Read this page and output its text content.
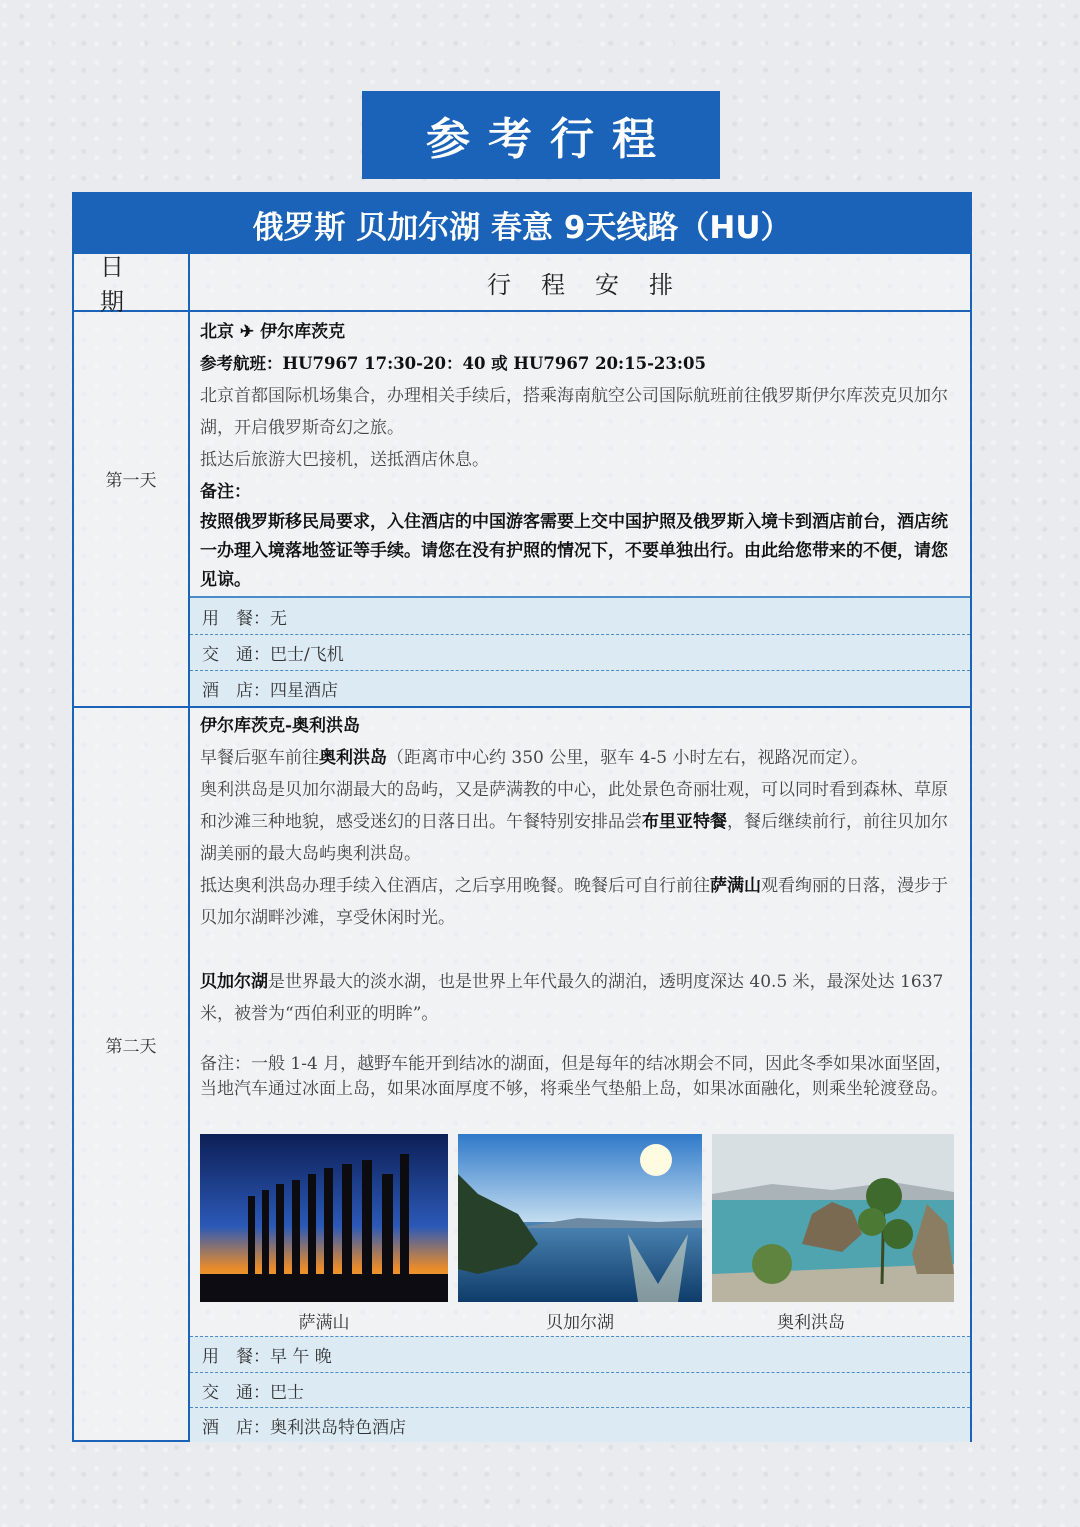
参考行程
俄罗斯 贝加尔湖 春意 9天线路（HU）
日期
行程安排
第一天

北京 ✈ 伊尔库茨克

参考航班：HU7967 17:30-20：40 或 HU7967 20:15-23:05

北京首都国际机场集合，办理相关手续后，搭乘海南航空公司国际航班前往俄罗斯伊尔库茨克贝加尔湖，开启俄罗斯奇幻之旅。

抵达后旅游大巴接机，送抵酒店休息。

备注：

按照俄罗斯移民局要求，入住酒店的中国游客需要上交中国护照及俄罗斯入境卡到酒店前台，酒店统一办理入境落地签证等手续。请您在没有护照的情况下，不要单独出行。由此给您带来的不便，请您见谅。

用　餐：无
交　通：巴士/飞机
酒　店：四星酒店
第二天

伊尔库茨克-奥利洪岛

早餐后驱车前往奥利洪岛（距离市中心约 350 公里，驱车 4-5 小时左右，视路况而定）。

奥利洪岛是贝加尔湖最大的岛屿，又是萨满教的中心，此处景色奇丽壮观，可以同时看到森林、草原和沙滩三种地貌，感受迷幻的日落日出。午餐特别安排品尝布里亚特餐，餐后继续前行，前往贝加尔湖美丽的最大岛屿奥利洪岛。

抵达奥利洪岛办理手续入住酒店，之后享用晚餐。晚餐后可自行前往萨满山观看绚丽的日落，漫步于贝加尔湖畔沙滩，享受休闲时光。

贝加尔湖是世界最大的淡水湖，也是世界上年代最久的湖泊，透明度深达 40.5 米，最深处达 1637 米，被誉为“西伯利亚的明眸”。

备注：一般 1-4 月，越野车能开到结冰的湖面，但是每年的结冰期会不同，因此冬季如果冰面坚固，当地汽车通过冰面上岛，如果冰面厚度不够，将乘坐气垫船上岛，如果冰面融化，则乘坐轮渡登岛。

萨满山	贝加尔湖	奥利洪岛
用　餐：早 午 晚
交　通：巴士
酒　店：奥利洪岛特色酒店
